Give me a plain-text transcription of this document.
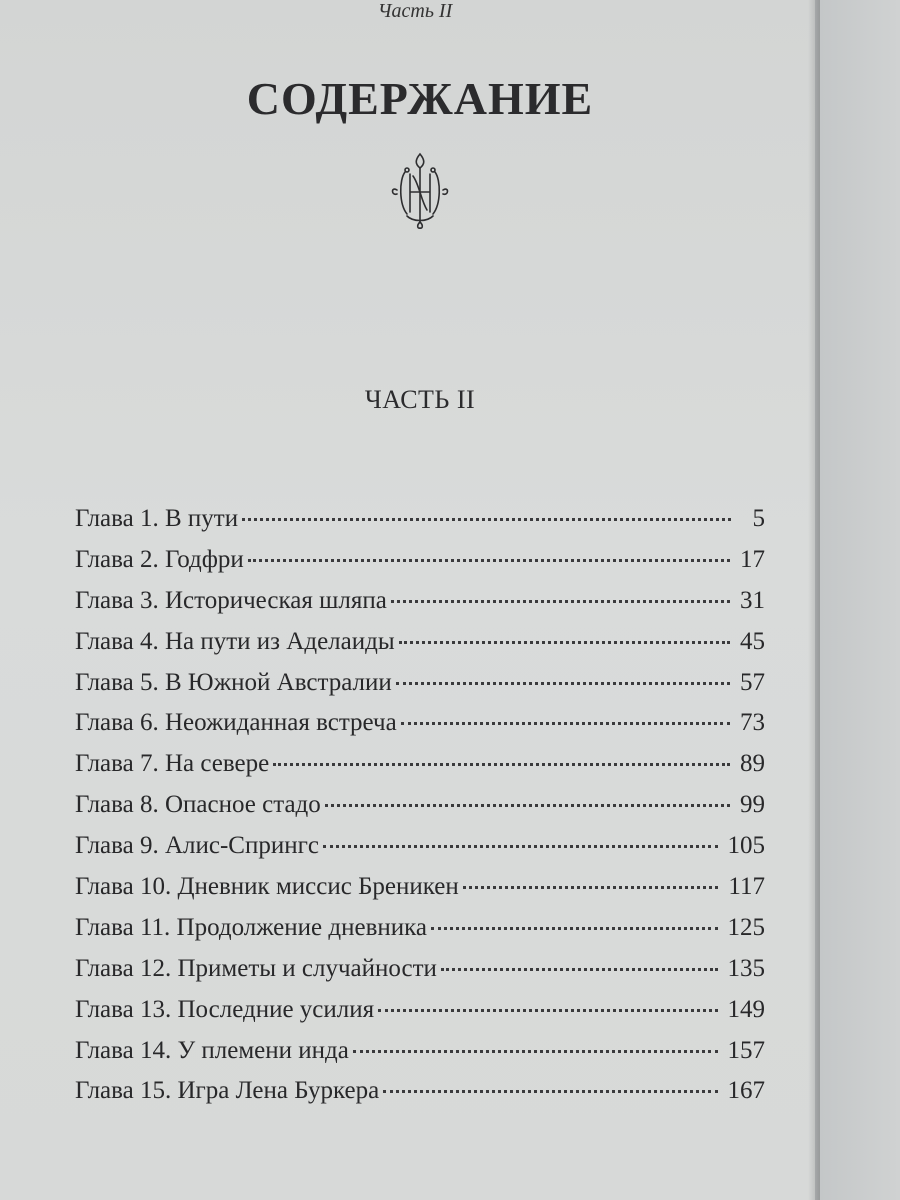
Часть II
СОДЕРЖАНИЕ
ЧАСТЬ II
Глава 1. В пути	5
Глава 2. Годфри	17
Глава 3. Историческая шляпа	31
Глава 4. На пути из Аделаиды	45
Глава 5. В Южной Австралии	57
Глава 6. Неожиданная встреча	73
Глава 7. На севере	89
Глава 8. Опасное стадо	99
Глава 9. Алис-Спрингс	105
Глава 10. Дневник миссис Бреникен	117
Глава 11. Продолжение дневника	125
Глава 12. Приметы и случайности	135
Глава 13. Последние усилия	149
Глава 14. У племени инда	157
Глава 15. Игра Лена Буркера	167
